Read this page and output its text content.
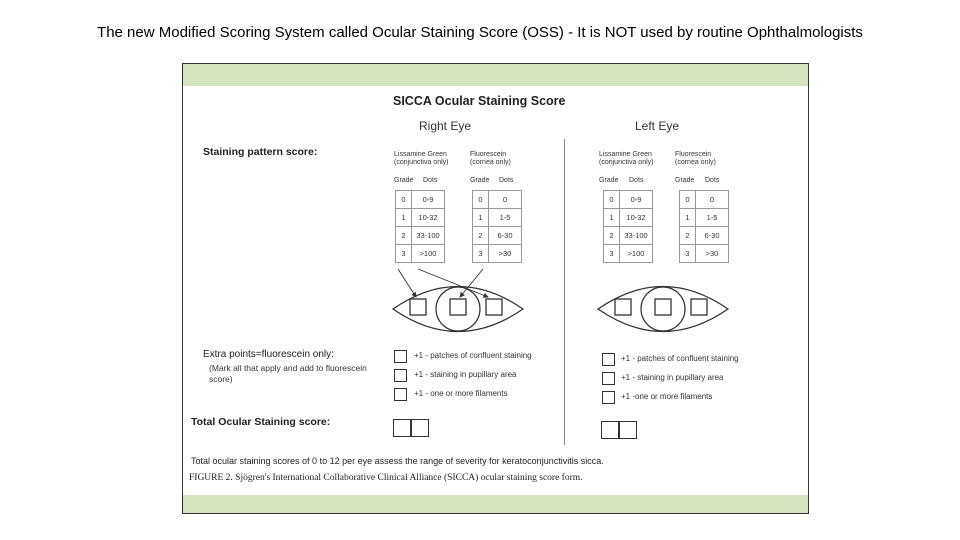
The new Modified Scoring System called Ocular Staining Score (OSS) - It is NOT used by routine Ophthalmologists
SICCA Ocular Staining Score
Right Eye	Left Eye
Staining pattern score:	Lissamine Green (conjunctiva only)
Fluorescein (cornea only)
Grade Dots	Grade Dots
0	0-9
1	10-32
2	33-100
3	>100
0	0
1	1-5
2	6-30
3	>30
Lissamine Green (conjunctiva only)
Fluorescein (cornea only)
Grade Dots	Grade Dots
0	0-9
1	10-32
2	33-100
3	>100
0	0
1	1-5
2	6-30
3	>30
Extra points=fluorescein only:
(Mark all that apply and add to fluorescein score)
+1 - patches of confluent staining
+1 - staining in pupillary area
+1 - one or more filaments
+1 - patches of confluent staining
+1 - staining in pupillary area
+1 -one or more filaments
Total Ocular Staining score:
Total ocular staining scores of 0 to 12 per eye assess the range of severity for keratoconjunctivitis sicca.
FIGURE 2. Sjögren's International Collaborative Clinical Alliance (SICCA) ocular staining score form.
